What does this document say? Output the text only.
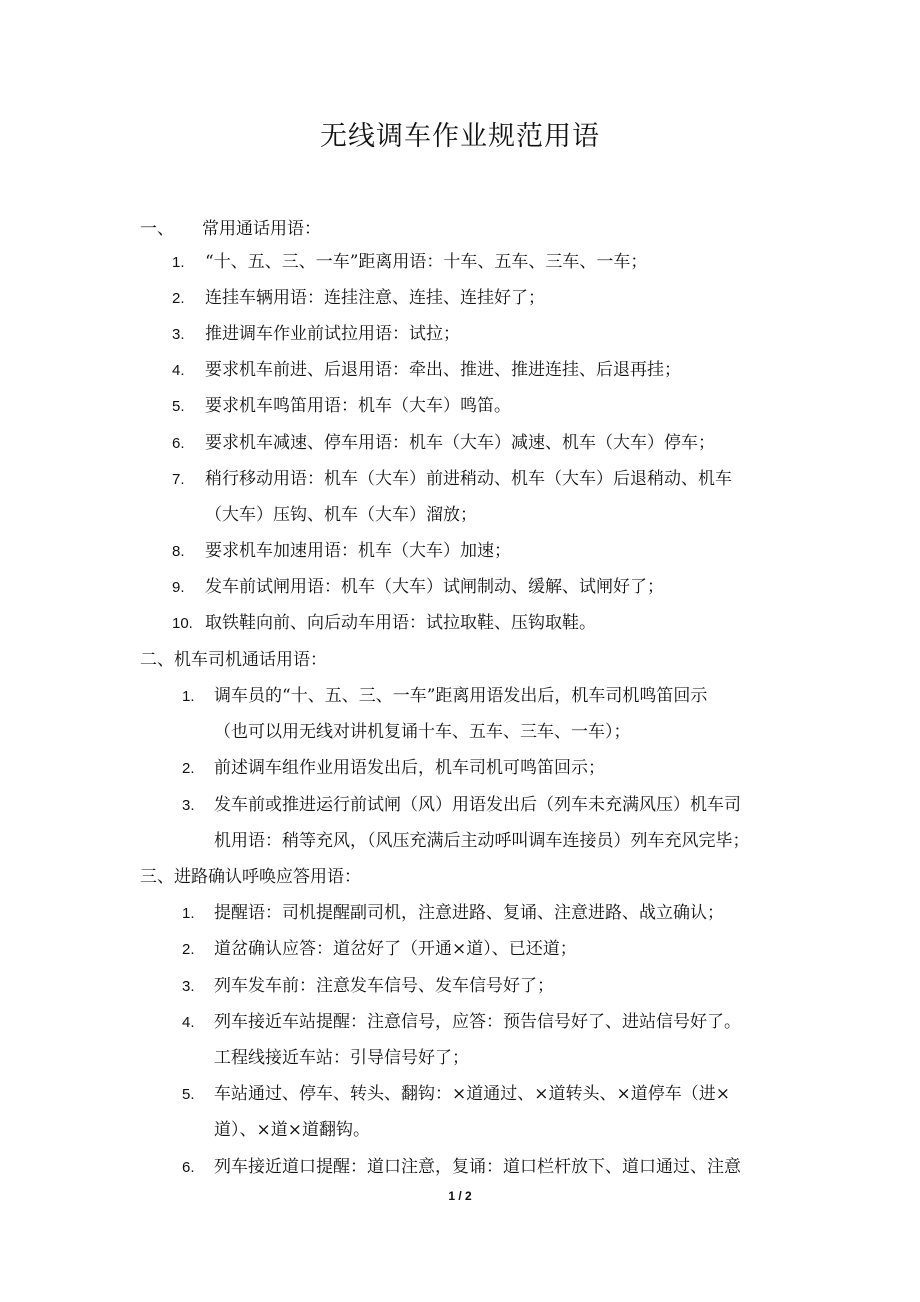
无线调车作业规范用语
一、 常用通话用语：
1. “十、五、三、一车”距离用语：十车、五车、三车、一车；
2. 连挂车辆用语：连挂注意、连挂、连挂好了；
3. 推进调车作业前试拉用语：试拉；
4. 要求机车前进、后退用语：牵出、推进、推进连挂、后退再挂；
5. 要求机车鸣笛用语：机车（大车）鸣笛。
6. 要求机车减速、停车用语：机车（大车）减速、机车（大车）停车；
7. 稍行移动用语：机车（大车）前进稍动、机车（大车）后退稍动、机车
（大车）压钩、机车（大车）溜放；
8. 要求机车加速用语：机车（大车）加速；
9. 发车前试闸用语：机车（大车）试闸制动、缓解、试闸好了；
10. 取铁鞋向前、向后动车用语：试拉取鞋、压钩取鞋。
二、机车司机通话用语：
1. 调车员的“十、五、三、一车”距离用语发出后，机车司机鸣笛回示
（也可以用无线对讲机复诵十车、五车、三车、一车）；
2. 前述调车组作业用语发出后，机车司机可鸣笛回示；
3. 发车前或推进运行前试闸（风）用语发出后（列车未充满风压）机车司
机用语：稍等充风，（风压充满后主动呼叫调车连接员）列车充风完毕；
三、进路确认呼唤应答用语：
1. 提醒语：司机提醒副司机，注意进路、复诵、注意进路、战立确认；
2. 道岔确认应答：道岔好了（开通×道）、已还道；
3. 列车发车前：注意发车信号、发车信号好了；
4. 列车接近车站提醒：注意信号，应答：预告信号好了、进站信号好了。
工程线接近车站：引导信号好了；
5. 车站通过、停车、转头、翻钩：×道通过、×道转头、×道停车（进×
道）、×道×道翻钩。
6. 列车接近道口提醒：道口注意，复诵：道口栏杆放下、道口通过、注意
1 / 2
